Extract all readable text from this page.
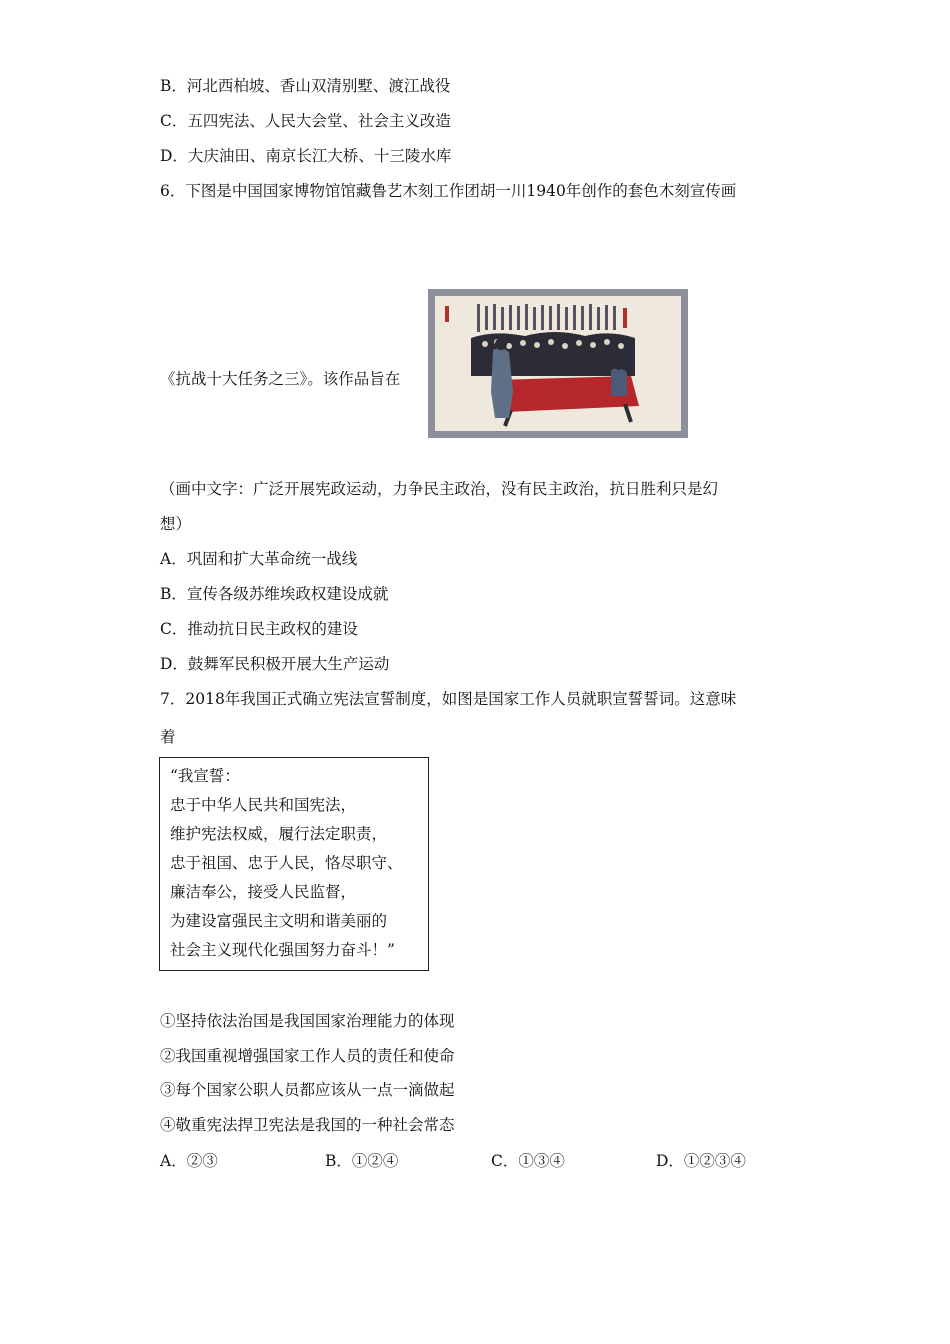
B．河北西柏坡、香山双清别墅、渡江战役
C．五四宪法、人民大会堂、社会主义改造
D．大庆油田、南京长江大桥、十三陵水库
6．下图是中国国家博物馆馆藏鲁艺木刻工作团胡一川1940年创作的套色木刻宣传画
《抗战十大任务之三》。该作品旨在
（画中文字：广泛开展宪政运动，力争民主政治，没有民主政治，抗日胜利只是幻
想）
A．巩固和扩大革命统一战线
B．宣传各级苏维埃政权建设成就
C．推动抗日民主政权的建设
D．鼓舞军民积极开展大生产运动
7．2018年我国正式确立宪法宣誓制度，如图是国家工作人员就职宣誓誓词。这意味
着
“我宣誓：
忠于中华人民共和国宪法，
维护宪法权威，履行法定职责，
忠于祖国、忠于人民，恪尽职守、
廉洁奉公，接受人民监督，
为建设富强民主文明和谐美丽的
社会主义现代化强国努力奋斗！”
①坚持依法治国是我国国家治理能力的体现
②我国重视增强国家工作人员的责任和使命
③每个国家公职人员都应该从一点一滴做起
④敬重宪法捍卫宪法是我国的一种社会常态
A．②③	B．①②④	C．①③④	D．①②③④
